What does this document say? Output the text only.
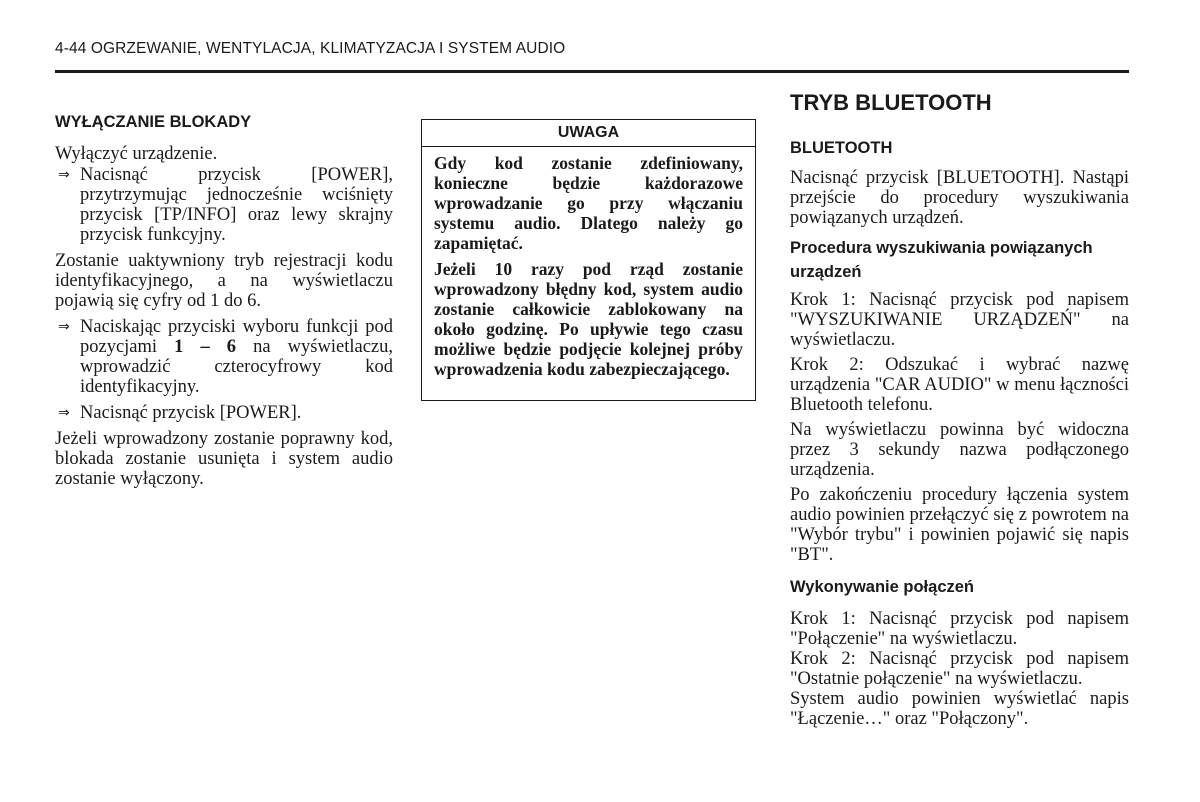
4-44 OGRZEWANIE, WENTYLACJA, KLIMATYZACJA I SYSTEM AUDIO
WYŁĄCZANIE BLOKADY

Wyłączyć urządzenie.

⇒ Nacisnąć przycisk [POWER], przytrzymując jednocześnie wciśnięty przycisk [TP/INFO] oraz lewy skrajny przycisk funkcyjny.

Zostanie uaktywniony tryb rejestracji kodu identyfikacyjnego, a na wyświetlaczu pojawią się cyfry od 1 do 6.

⇒ Naciskając przyciski wyboru funkcji pod pozycjami 1 – 6 na wyświetlaczu, wprowadzić czterocyfrowy kod identyfikacyjny.
⇒ Nacisnąć przycisk [POWER].

Jeżeli wprowadzony zostanie poprawny kod, blokada zostanie usunięta i system audio zostanie wyłączony.

UWAGA

Gdy kod zostanie zdefiniowany, konieczne będzie każdorazowe wprowadzanie go przy włączaniu systemu audio. Dlatego należy go zapamiętać.

Jeżeli 10 razy pod rząd zostanie wprowadzony błędny kod, system audio zostanie całkowicie zablokowany na około godzinę. Po upływie tego czasu możliwe będzie podjęcie kolejnej próby wprowadzenia kodu zabezpieczającego.

TRYB BLUETOOTH
BLUETOOTH

Nacisnąć przycisk [BLUETOOTH]. Nastąpi przejście do procedury wyszukiwania powiązanych urządzeń.

Procedura wyszukiwania powiązanych urządzeń

Krok 1: Nacisnąć przycisk pod napisem "WYSZUKIWANIE URZĄDZEŃ" na wyświetlaczu.

Krok 2: Odszukać i wybrać nazwę urządzenia "CAR AUDIO" w menu łączności Bluetooth telefonu.

Na wyświetlaczu powinna być widoczna przez 3 sekundy nazwa podłączonego urządzenia.

Po zakończeniu procedury łączenia system audio powinien przełączyć się z powrotem na "Wybór trybu" i powinien pojawić się napis "BT".

Wykonywanie połączeń

Krok 1: Nacisnąć przycisk pod napisem "Połączenie" na wyświetlaczu.

Krok 2: Nacisnąć przycisk pod napisem "Ostatnie połączenie" na wyświetlaczu.

System audio powinien wyświetlać napis "Łączenie…" oraz "Połączony".
